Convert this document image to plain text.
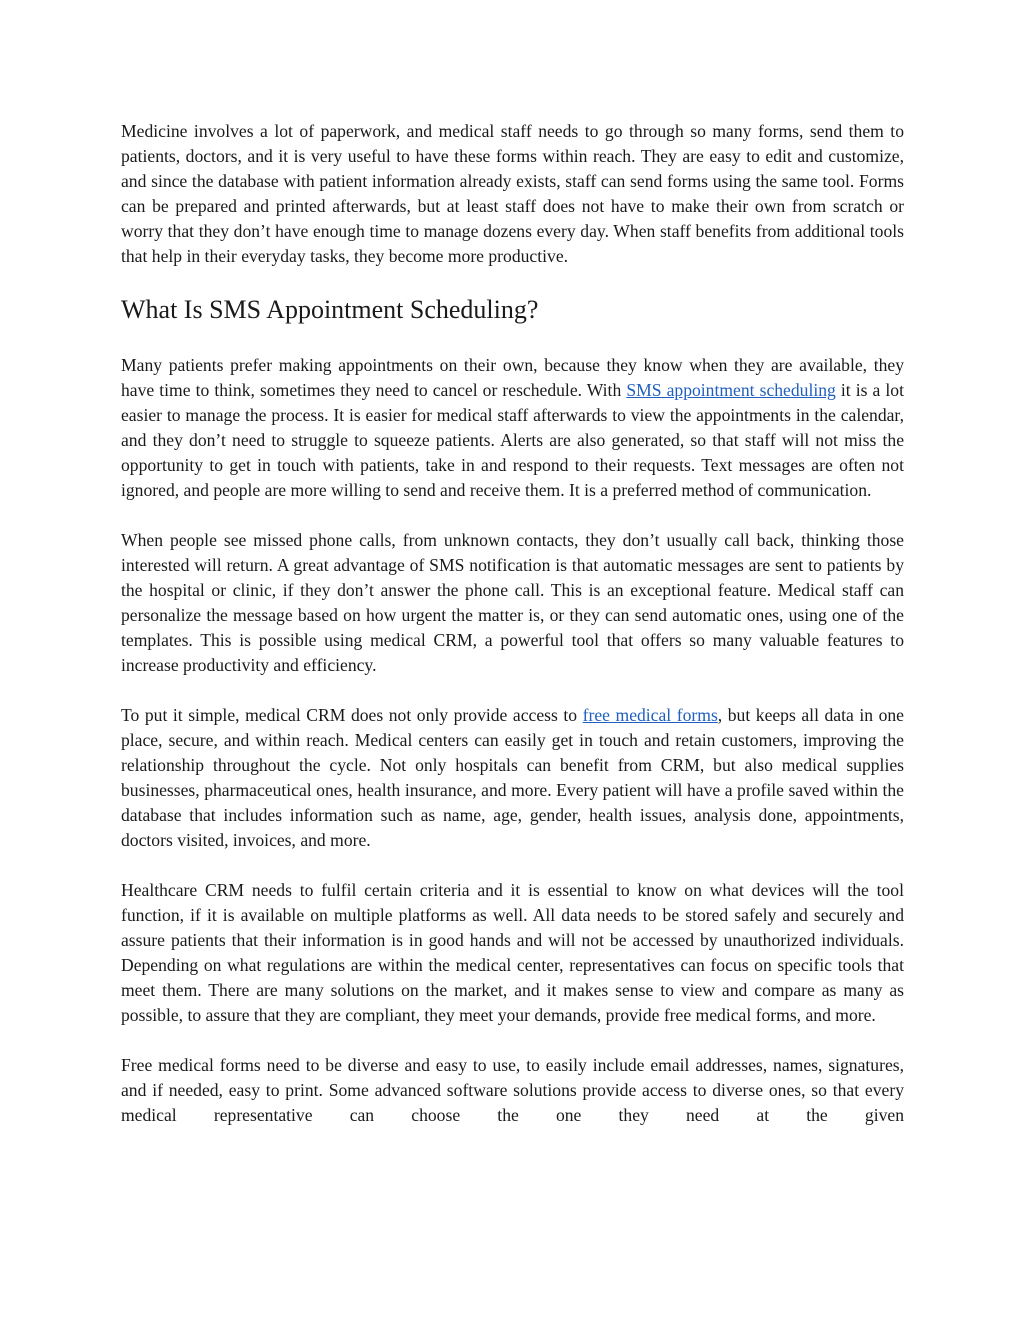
Medicine involves a lot of paperwork, and medical staff needs to go through so many forms, send them to patients, doctors, and it is very useful to have these forms within reach. They are easy to edit and customize, and since the database with patient information already exists, staff can send forms using the same tool. Forms can be prepared and printed afterwards, but at least staff does not have to make their own from scratch or worry that they don’t have enough time to manage dozens every day. When staff benefits from additional tools that help in their everyday tasks, they become more productive.

What Is SMS Appointment Scheduling?

Many patients prefer making appointments on their own, because they know when they are available, they have time to think, sometimes they need to cancel or reschedule. With SMS appointment scheduling it is a lot easier to manage the process. It is easier for medical staff afterwards to view the appointments in the calendar, and they don’t need to struggle to squeeze patients. Alerts are also generated, so that staff will not miss the opportunity to get in touch with patients, take in and respond to their requests. Text messages are often not ignored, and people are more willing to send and receive them. It is a preferred method of communication.

When people see missed phone calls, from unknown contacts, they don’t usually call back, thinking those interested will return. A great advantage of SMS notification is that automatic messages are sent to patients by the hospital or clinic, if they don’t answer the phone call. This is an exceptional feature. Medical staff can personalize the message based on how urgent the matter is, or they can send automatic ones, using one of the templates. This is possible using medical CRM, a powerful tool that offers so many valuable features to increase productivity and efficiency.

To put it simple, medical CRM does not only provide access to free medical forms, but keeps all data in one place, secure, and within reach. Medical centers can easily get in touch and retain customers, improving the relationship throughout the cycle. Not only hospitals can benefit from CRM, but also medical supplies businesses, pharmaceutical ones, health insurance, and more. Every patient will have a profile saved within the database that includes information such as name, age, gender, health issues, analysis done, appointments, doctors visited, invoices, and more.

Healthcare CRM needs to fulfil certain criteria and it is essential to know on what devices will the tool function, if it is available on multiple platforms as well. All data needs to be stored safely and securely and assure patients that their information is in good hands and will not be accessed by unauthorized individuals. Depending on what regulations are within the medical center, representatives can focus on specific tools that meet them. There are many solutions on the market, and it makes sense to view and compare as many as possible, to assure that they are compliant, they meet your demands, provide free medical forms, and more.

Free medical forms need to be diverse and easy to use, to easily include email addresses, names, signatures, and if needed, easy to print. Some advanced software solutions provide access to diverse ones, so that every medical representative can choose the one they need at the given
